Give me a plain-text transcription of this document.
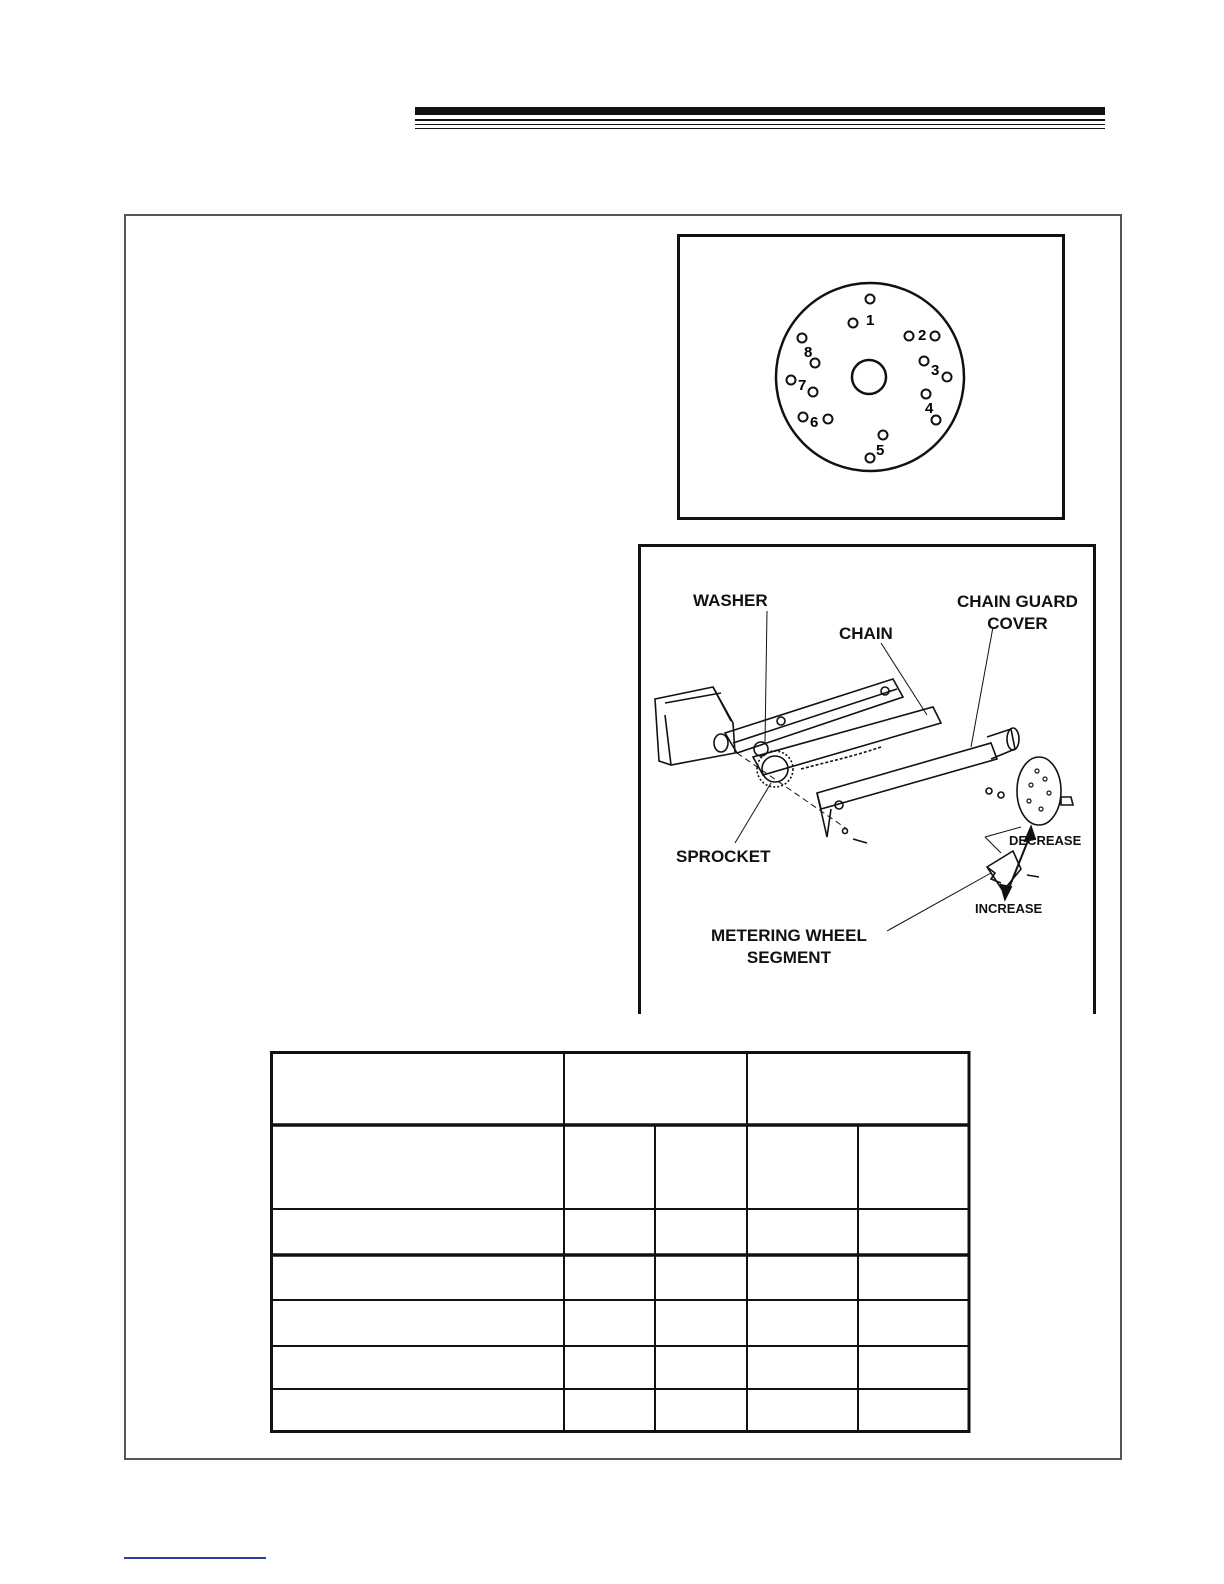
1
2
3
4
5
6
7
8
WASHER
CHAIN
CHAIN GUARD
COVER
SPROCKET
METERING WHEEL
SEGMENT
DECREASE
INCREASE
